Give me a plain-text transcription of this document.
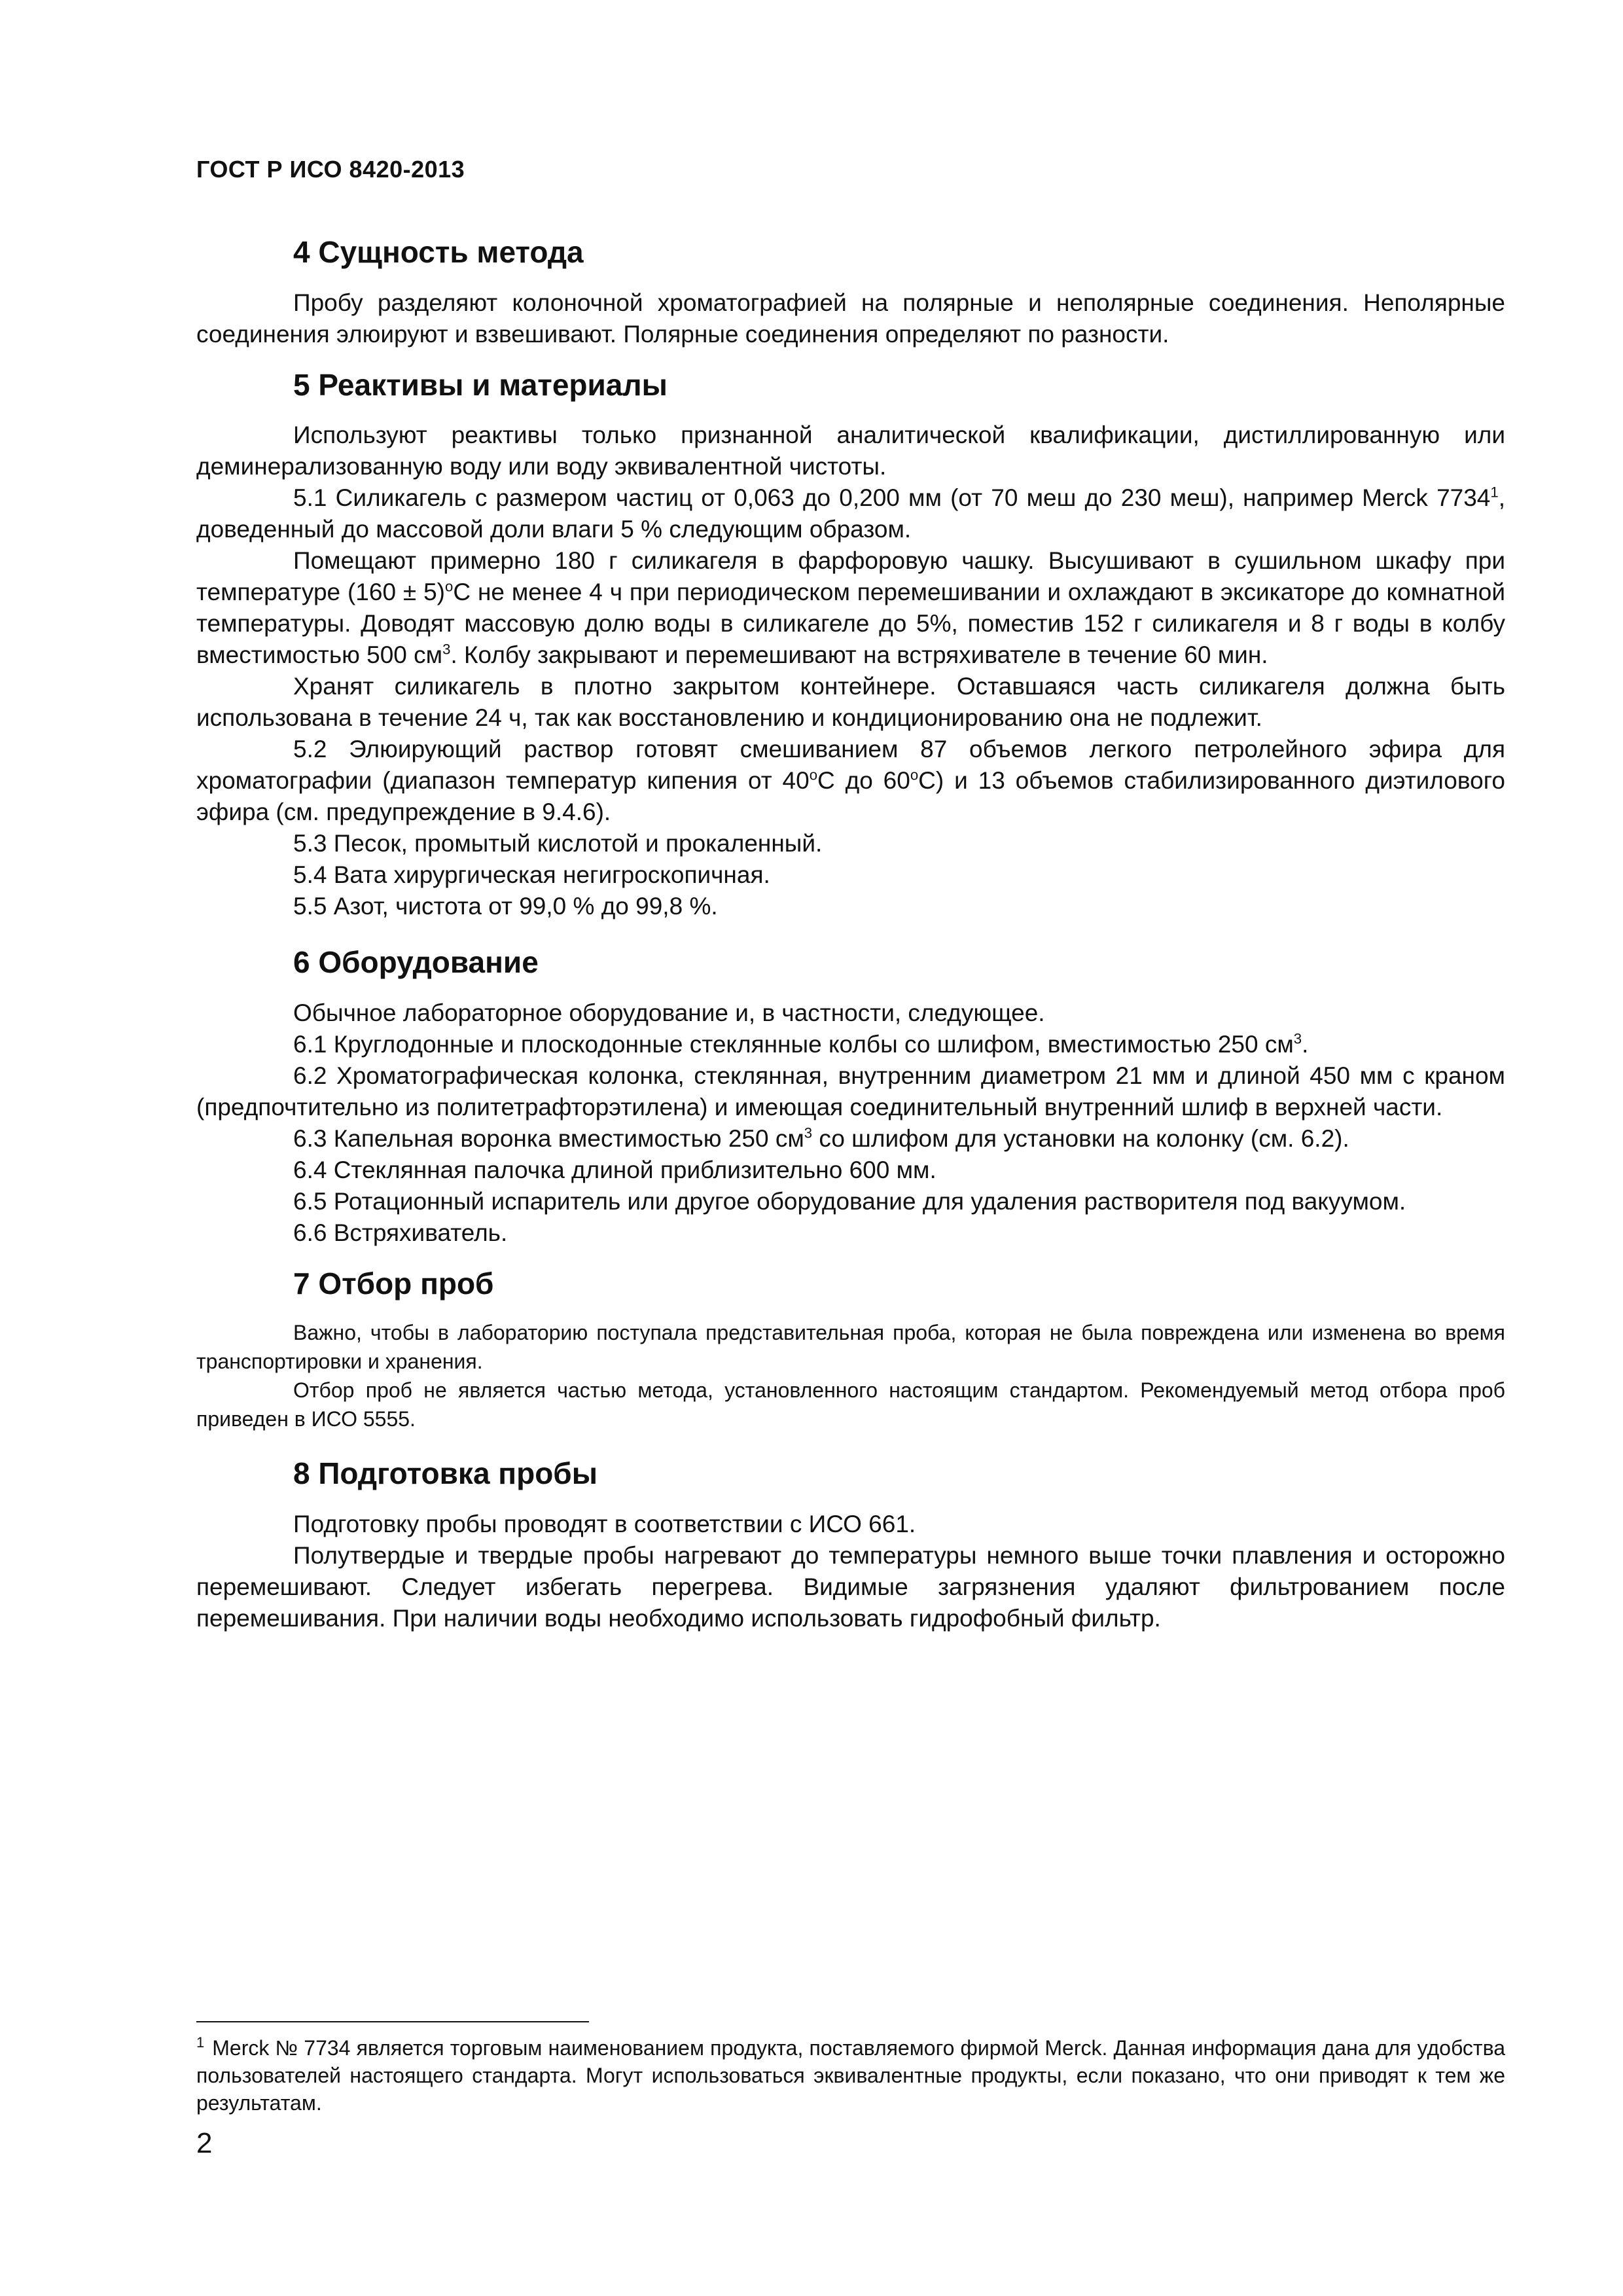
ГОСТ Р ИСО 8420-2013
4 Сущность метода

Пробу разделяют колоночной хроматографией на полярные и неполярные соединения. Неполярные соединения элюируют и взвешивают. Полярные соединения определяют по разности.

5 Реактивы и материалы

Используют реактивы только признанной аналитической квалификации, дистиллированную или деминерализованную воду или воду эквивалентной чистоты.

5.1 Силикагель с размером частиц от 0,063 до 0,200 мм (от 70 меш до 230 меш), например Merck 7734$^1$, доведенный до массовой доли влаги 5 % следующим образом.

Помещают примерно 180 г силикагеля в фарфоровую чашку. Высушивают в сушильном шкафу при температуре $(160 \pm 5)^оС$ не менее 4 ч при периодическом перемешивании и охлаждают в эксикаторе до комнатной температуры. Доводят массовую долю воды в силикагеле до 5%, поместив 152 г силикагеля и 8 г воды в колбу вместимостью 500 $см^3$. Колбу закрывают и перемешивают на встряхивателе в течение 60 мин.

Хранят силикагель в плотно закрытом контейнере. Оставшаяся часть силикагеля должна быть использована в течение 24 ч, так как восстановлению и кондиционированию она не подлежит.

5.2 Элюирующий раствор готовят смешиванием 87 объемов легкого петролейного эфира для хроматографии (диапазон температур кипения от $40^оС$ до $60^оС$) и 13 объемов стабилизированного диэтилового эфира (см. предупреждение в 9.4.6).

5.3 Песок, промытый кислотой и прокаленный.

5.4 Вата хирургическая негигроскопичная.

5.5 Азот, чистота от 99,0 % до 99,8 %.

6 Оборудование

Обычное лабораторное оборудование и, в частности, следующее.

6.1 Круглодонные и плоскодонные стеклянные колбы со шлифом, вместимостью 250 $см^3$.

6.2 Хроматографическая колонка, стеклянная, внутренним диаметром 21 мм и длиной 450 мм с краном (предпочтительно из политетрафторэтилена) и имеющая соединительный внутренний шлиф в верхней части.

6.3 Капельная воронка вместимостью 250 $см^3$ со шлифом для установки на колонку (см. 6.2).

6.4 Стеклянная палочка длиной приблизительно 600 мм.

6.5 Ротационный испаритель или другое оборудование для удаления растворителя под вакуумом.

6.6 Встряхиватель.

7 Отбор проб

Важно, чтобы в лабораторию поступала представительная проба, которая не была повреждена или изменена во время транспортировки и хранения.

Отбор проб не является частью метода, установленного настоящим стандартом. Рекомендуемый метод отбора проб приведен в ИСО 5555.

8 Подготовка пробы

Подготовку пробы проводят в соответствии с ИСО 661.

Полутвердые и твердые пробы нагревают до температуры немного выше точки плавления и осторожно перемешивают. Следует избегать перегрева. Видимые загрязнения удаляют фильтрованием после перемешивания. При наличии воды необходимо использовать гидрофобный фильтр.

$^1$ Merck № 7734 является торговым наименованием продукта, поставляемого фирмой Merck. Данная информация дана для удобства пользователей настоящего стандарта. Могут использоваться эквивалентные продукты, если показано, что они приводят к тем же результатам.
2
